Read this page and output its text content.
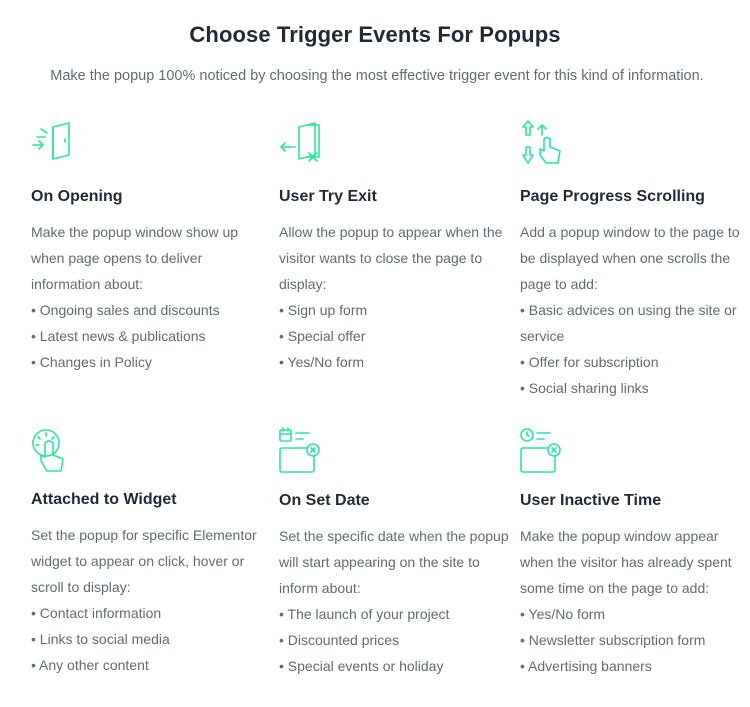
Choose Trigger Events For Popups
Make the popup 100% noticed by choosing the most effective trigger event for this kind of information.
On Opening
Make the popup window show up when page opens to deliver information about:
• Ongoing sales and discounts
• Latest news & publications
• Changes in Policy
User Try Exit
Allow the popup to appear when the visitor wants to close the page to display:
• Sign up form
• Special offer
• Yes/No form
Page Progress Scrolling
Add a popup window to the page to be displayed when one scrolls the page to add:
• Basic advices on using the site or service
• Offer for subscription
• Social sharing links
Attached to Widget
Set the popup for specific Elementor widget to appear on click, hover or scroll to display:
• Contact information
• Links to social media
• Any other content
On Set Date
Set the specific date when the popup will start appearing on the site to inform about:
• The launch of your project
• Discounted prices
• Special events or holiday
User Inactive Time
Make the popup window appear when the visitor has already spent some time on the page to add:
• Yes/No form
• Newsletter subscription form
• Advertising banners
